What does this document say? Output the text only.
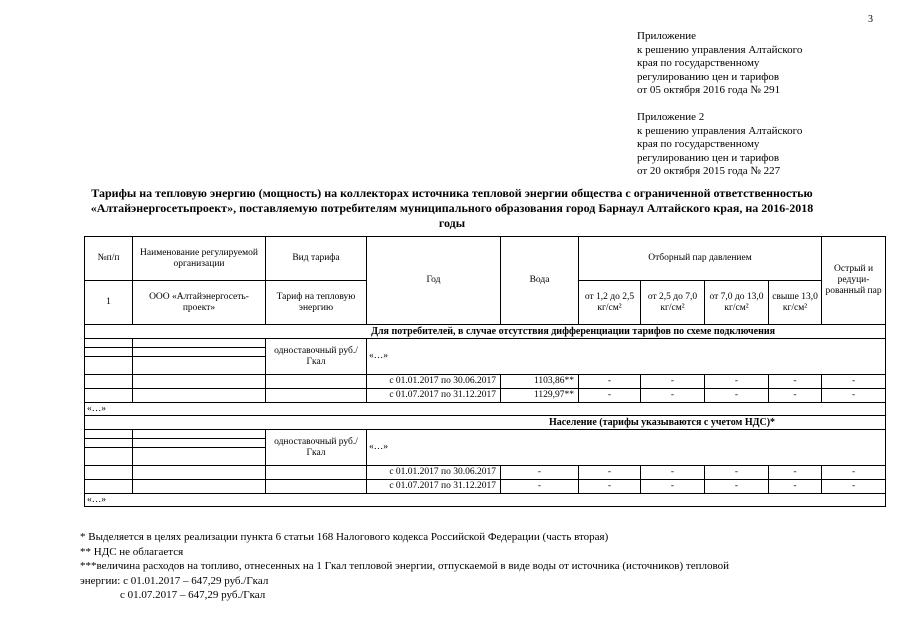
3
Приложение
к решению управления Алтайского
края по государственному
регулированию цен и тарифов
от 05 октября 2016 года № 291
Приложение 2
к решению управления Алтайского
края по государственному
регулированию цен и тарифов
от 20 октября 2015 года № 227
Тарифы на тепловую энергию (мощность) на коллекторах источника тепловой энергии общества с ограниченной ответственностью «Алтайэнергосетьпроект», поставляемую потребителям муниципального образования город Барнаул Алтайского края, на 2016-2018 годы
№п/п	Наименование регулируемой организации	Вид тарифа	Год	Вода	Отборный пар давлением				Острый и редуци-рованный пар
1	ООО «Алтайэнергосеть-проект»	Тариф на тепловую энергию			от 1,2 до 2,5 кг/см²	от 2,5 до 7,0 кг/см²	от 7,0 до 13,0 кг/см²	свыше 13,0 кг/см²	
Для потребителей, в случае отсутствия дифференциации тарифов по схеме подключения									
		одноставочный руб./Гкал	«…»						

			с 01.01.2017 по 30.06.2017	1103,86**	-	-	-	-	-
			с 01.07.2017 по 31.12.2017	1129,97**	-	-	-	-	-
«…»									
Население (тарифы указываются с учетом НДС)*									
		одноставочный руб./Гкал	«…»						

			с 01.01.2017 по 30.06.2017	-	-	-	-	-	-
			с 01.07.2017 по 31.12.2017	-	-	-	-	-	-
«…»									
* Выделяется в целях реализации пункта 6 статьи 168 Налогового кодекса Российской Федерации (часть вторая)
** НДС не облагается
***величина расходов на топливо, отнесенных на 1 Гкал тепловой энергии, отпускаемой в виде воды от источника (источников) тепловой
энергии: с 01.01.2017 – 647,29 руб./Гкал
с 01.07.2017 – 647,29 руб./Гкал
